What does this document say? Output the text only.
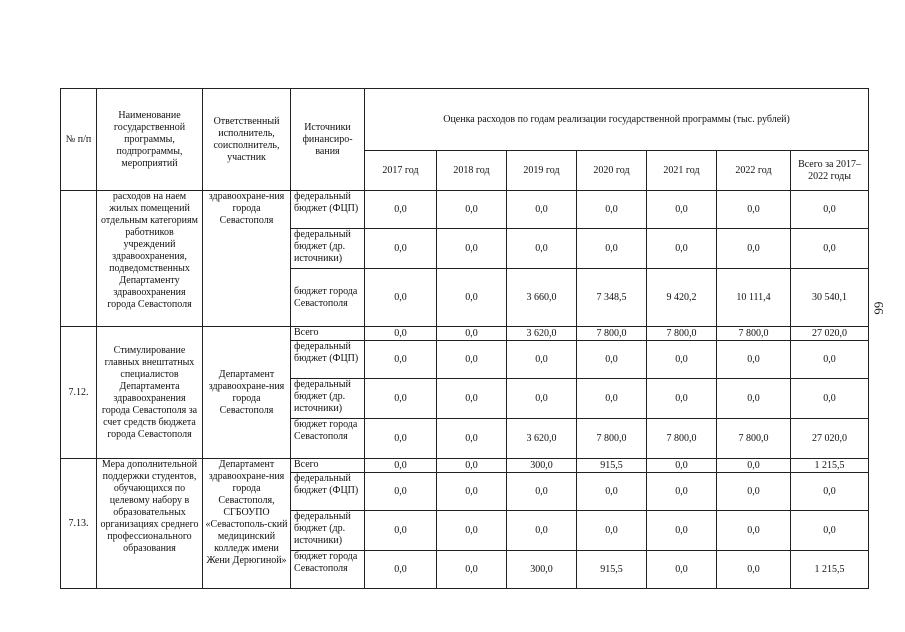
№ п/п	Наименование государственной программы, подпрограммы, мероприятий	Ответственный исполнитель, соисполнитель, участник	Источники финансиро-вания	Оценка расходов по годам реализации государственной программы (тыс. рублей)						
				2017 год	2018 год	2019 год	2020 год	2021 год	2022 год	Всего за 2017–2022 годы
	расходов на наем жилых помещений отдельным категориям работников учреждений здравоохранения, подведомственных Департаменту здравоохранения города Севастополя	здравоохране-ния города Севастополя	федеральный бюджет (ФЦП)	0,0	0,0	0,0	0,0	0,0	0,0	0,0
			федеральный бюджет (др. источники)	0,0	0,0	0,0	0,0	0,0	0,0	0,0
			бюджет города Севастополя	0,0	0,0	3 660,0	7 348,5	9 420,2	10 111,4	30 540,1
7.12.	Стимулирование главных внештатных специалистов Департамента здравоохранения города Севастополя за счет средств бюджета города Севастополя	Департамент здравоохране-ния города Севастополя	Всего	0,0	0,0	3 620,0	7 800,0	7 800,0	7 800,0	27 020,0
			федеральный бюджет (ФЦП)	0,0	0,0	0,0	0,0	0,0	0,0	0,0
			федеральный бюджет (др. источники)	0,0	0,0	0,0	0,0	0,0	0,0	0,0
			бюджет города Севастополя	0,0	0,0	3 620,0	7 800,0	7 800,0	7 800,0	27 020,0
7.13.	Мера дополнительной поддержки студентов, обучающихся по целевому набору в образовательных организациях среднего профессионального образования	Департамент здравоохране-ния города Севастополя, СГБОУПО «Севастополь-ский медицинский колледж имени Жени Дерюгиной»	Всего	0,0	0,0	300,0	915,5	0,0	0,0	1 215,5
			федеральный бюджет (ФЦП)	0,0	0,0	0,0	0,0	0,0	0,0	0,0
			федеральный бюджет (др. источники)	0,0	0,0	0,0	0,0	0,0	0,0	0,0
			бюджет города Севастополя	0,0	0,0	300,0	915,5	0,0	0,0	1 215,5
66
